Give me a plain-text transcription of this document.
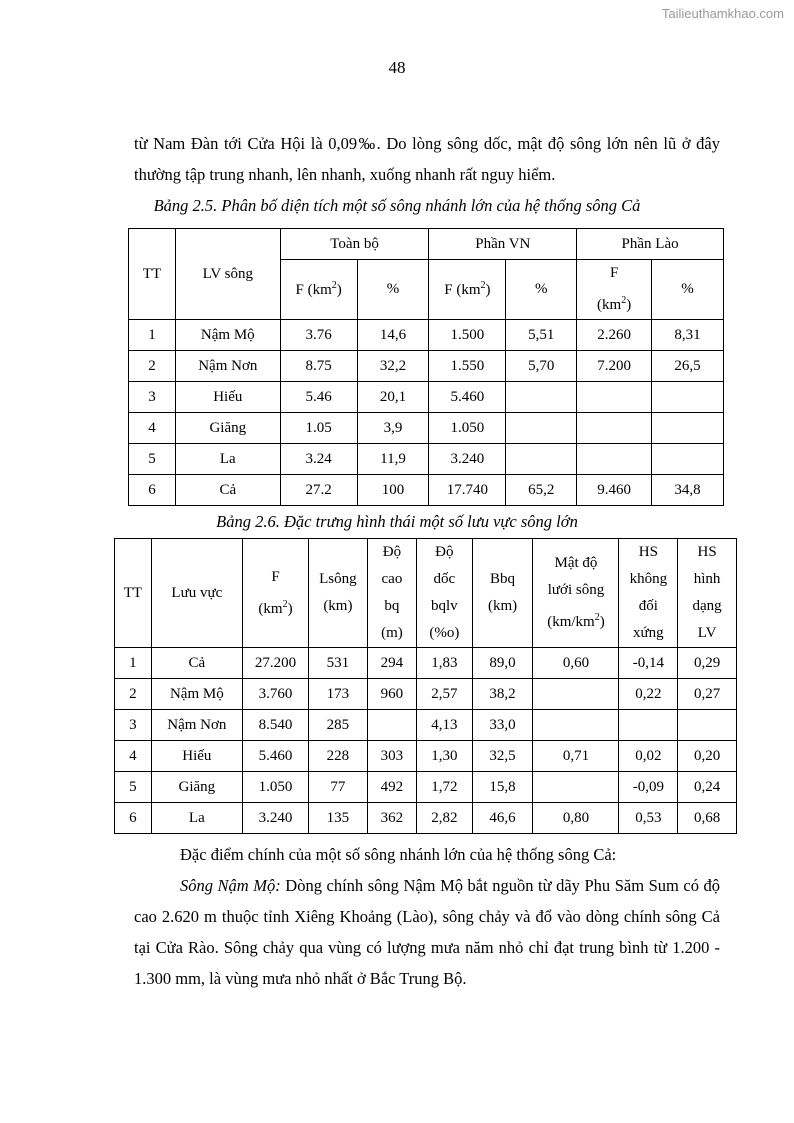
Tailieuthamkhao.com
48

từ Nam Đàn tới Cửa Hội là 0,09‰. Do lòng sông dốc, mật độ sông lớn nên lũ ở đây thường tập trung nhanh, lên nhanh, xuống nhanh rất nguy hiểm.

Bảng 2.5. Phân bố diện tích một số sông nhánh lớn của hệ thống sông Cả

TT	LV sông	Toàn bộ		Phần VN		Phần Lào	
		F $(km^2)$	%	F $(km^2)$	%	F
$(km^2)$	%
1	Nậm Mộ	3.76	14,6	1.500	5,51	2.260	8,31
2	Nậm Nơn	8.75	32,2	1.550	5,70	7.200	26,5
3	Hiếu	5.46	20,1	5.460			
4	Giăng	1.05	3,9	1.050			
5	La	3.24	11,9	3.240			
6	Cả	27.2	100	17.740	65,2	9.460	34,8

Bảng 2.6. Đặc trưng hình thái một số lưu vực sông lớn

TT	Lưu vực	F
$(km^2)$	Lsông
(km)	Độ
cao
bq
(m)	Độ
dốc
bqlv
(%o)	Bbq
(km)	Mật độ
lưới sông
$(km/km^2)$	HS
không
đối
xứng	HS
hình
dạng
LV
1	Cả	27.200	531	294	1,83	89,0	0,60	-0,14	0,29
2	Nậm Mộ	3.760	173	960	2,57	38,2		0,22	0,27
3	Nậm Nơn	8.540	285		4,13	33,0			
4	Hiếu	5.460	228	303	1,30	32,5	0,71	0,02	0,20
5	Giăng	1.050	77	492	1,72	15,8		-0,09	0,24
6	La	3.240	135	362	2,82	46,6	0,80	0,53	0,68

Đặc điểm chính của một số sông nhánh lớn của hệ thống sông Cả:

Sông Nậm Mộ: Dòng chính sông Nậm Mộ bắt nguồn từ dãy Phu Săm Sum có độ cao 2.620 m thuộc tỉnh Xiêng Khoảng (Lào), sông chảy và đổ vào dòng chính sông Cả tại Cửa Rào. Sông chảy qua vùng có lượng mưa năm nhỏ chỉ đạt trung bình từ 1.200 - 1.300 mm, là vùng mưa nhỏ nhất ở Bắc Trung Bộ.
